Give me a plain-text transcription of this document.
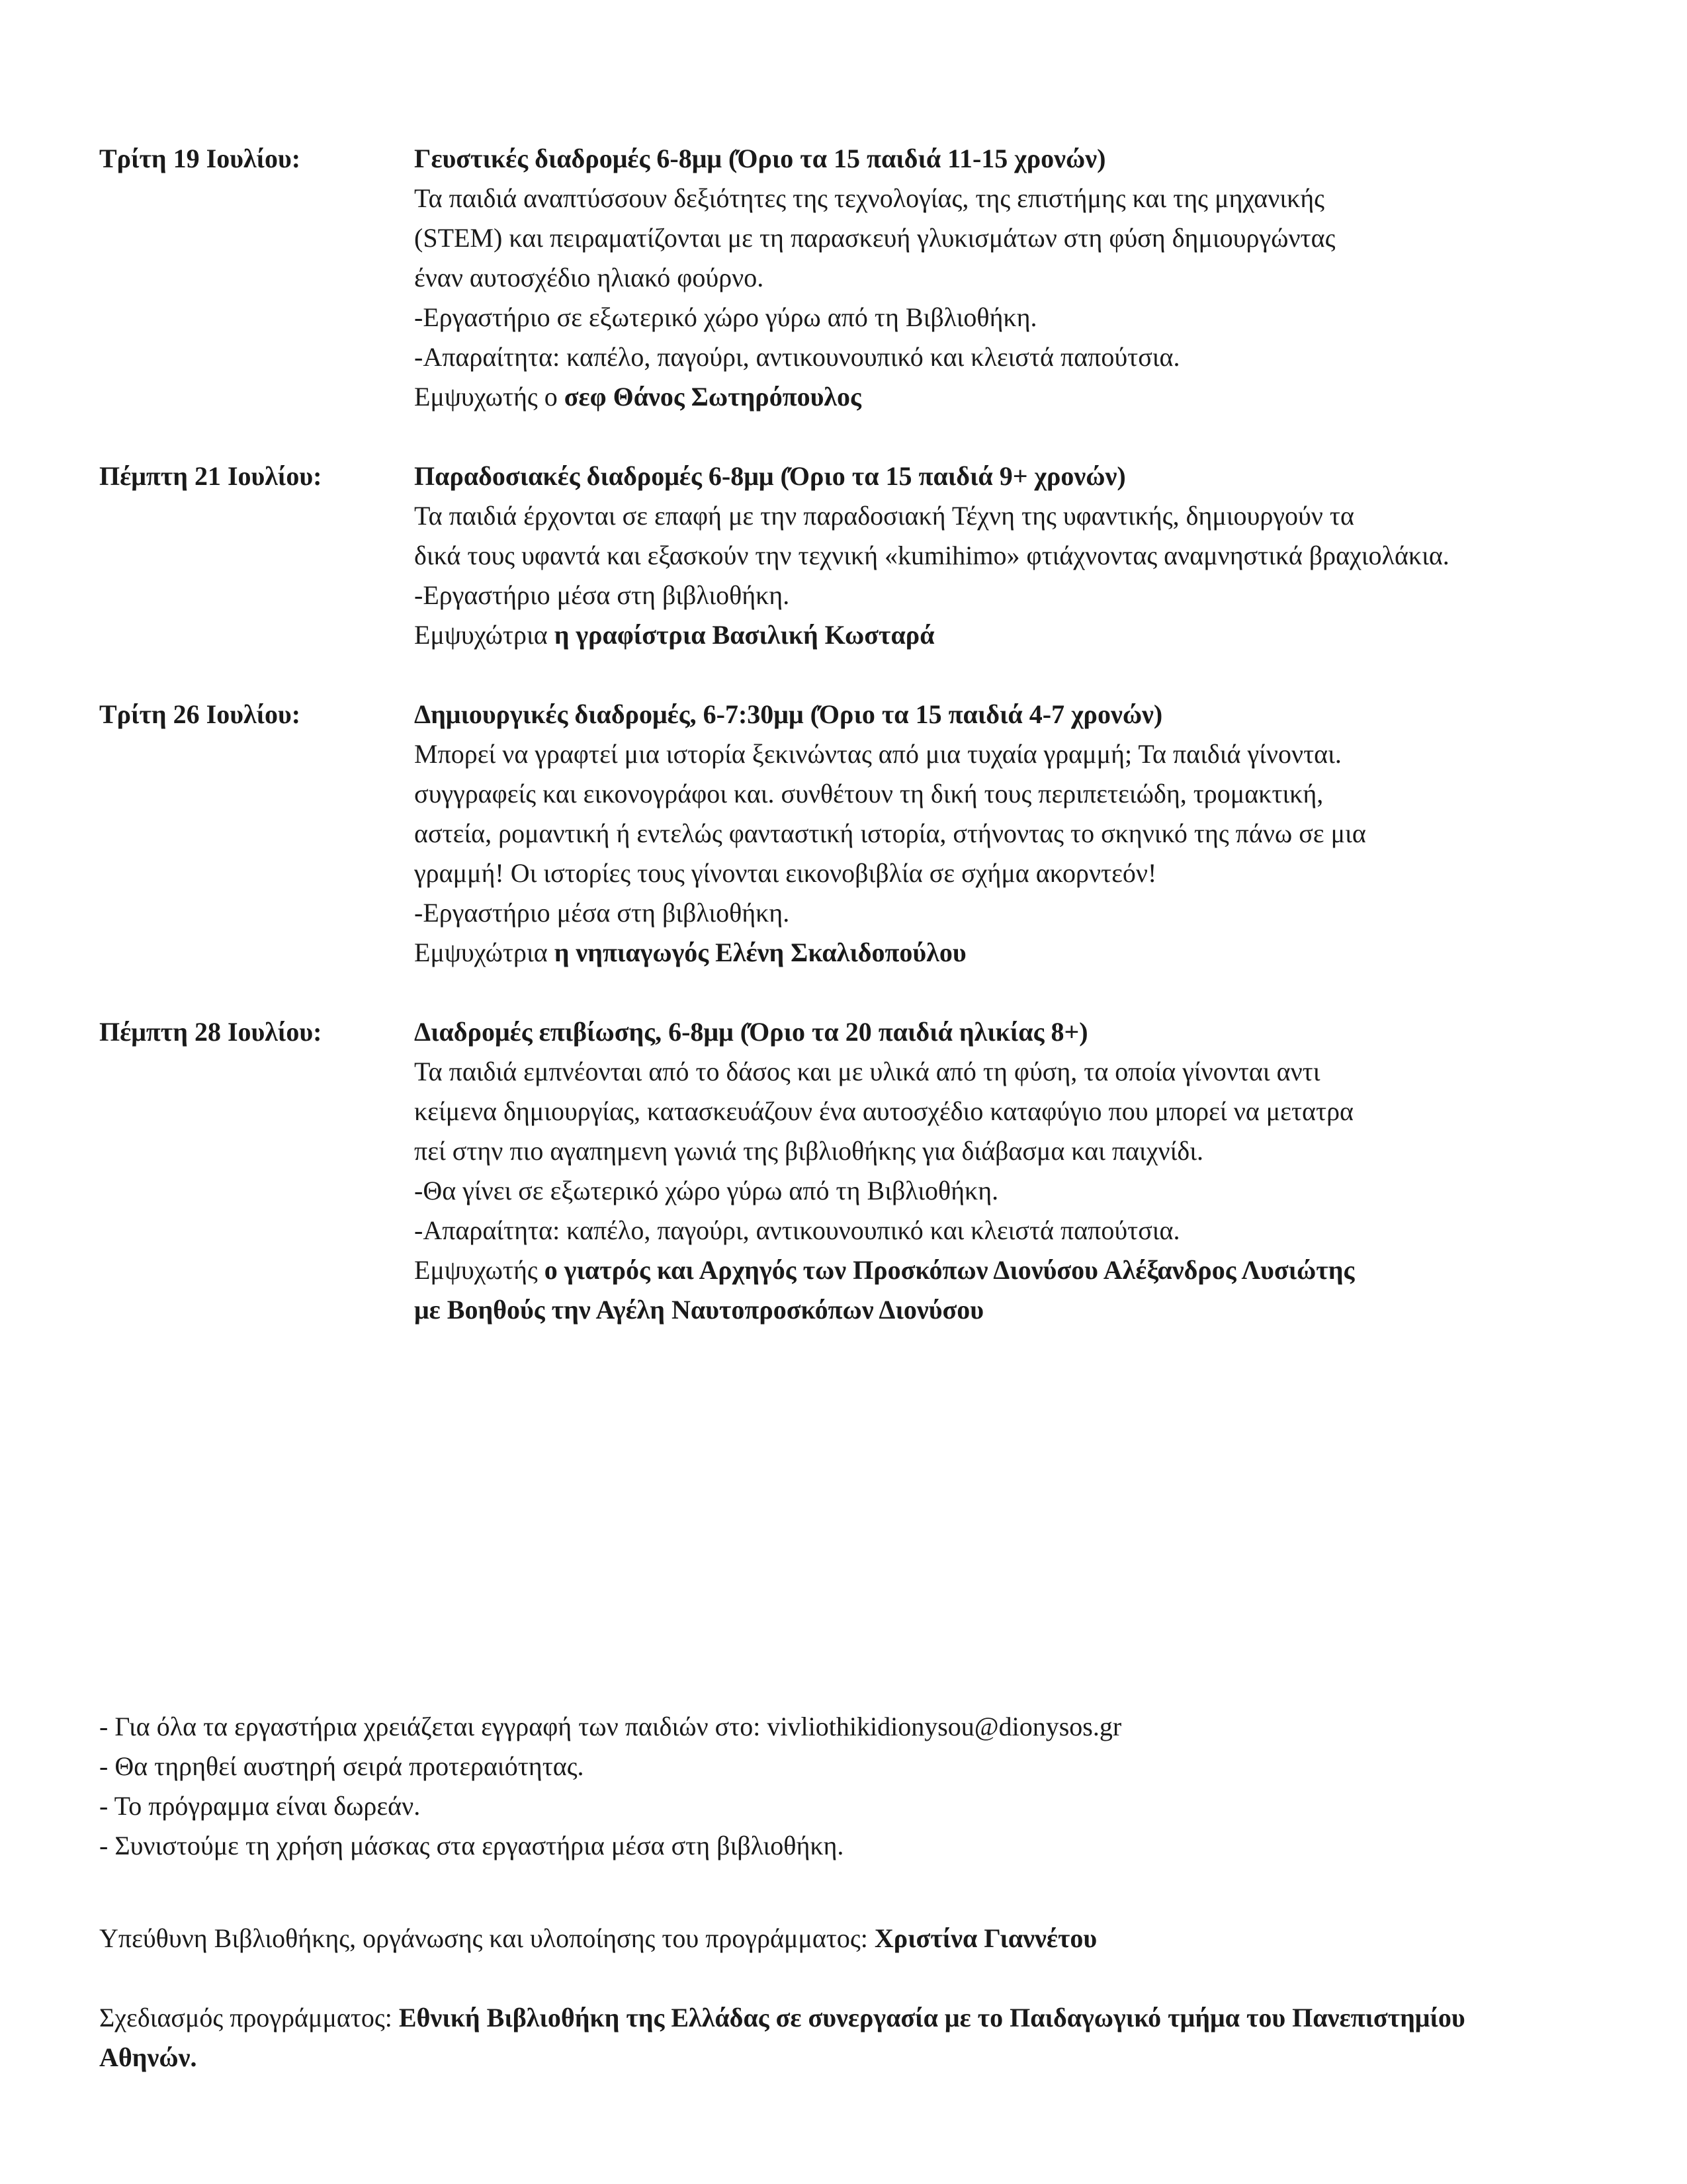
Τρίτη 19 Ιουλίου:	Γευστικές διαδρομές 6-8μμ (Όριο τα 15 παιδιά 11-15 χρονών)

Τα παιδιά αναπτύσσουν δεξιότητες της τεχνολογίας, της επιστήμης και της μηχανικής

(STEM) και πειραματίζονται με τη παρασκευή γλυκισμάτων στη φύση δημιουργώντας

έναν αυτοσχέδιο ηλιακό φούρνο.

-Εργαστήριο σε εξωτερικό χώρο γύρω από τη Βιβλιοθήκη.

-Απαραίτητα: καπέλο, παγούρι, αντικουνουπικό και κλειστά παπούτσια.

Εμψυχωτής ο σεφ Θάνος Σωτηρόπουλος

Πέμπτη 21 Ιουλίου:	Παραδοσιακές διαδρομές 6-8μμ (Όριο τα 15 παιδιά 9+ χρονών)

Τα παιδιά έρχονται σε επαφή με την παραδοσιακή Τέχνη της υφαντικής, δημιουργούν τα

δικά τους υφαντά και εξασκούν την τεχνική «kumihimo» φτιάχνοντας αναμνηστικά βραχιολάκια.

-Εργαστήριο μέσα στη βιβλιοθήκη.

Εμψυχώτρια η γραφίστρια Βασιλική Κωσταρά

Τρίτη 26 Ιουλίου:	Δημιουργικές διαδρομές, 6-7:30μμ (Όριο τα 15 παιδιά 4-7 χρονών)

Μπορεί να γραφτεί μια ιστορία ξεκινώντας από μια τυχαία γραμμή; Τα παιδιά γίνονται.

συγγραφείς και εικονογράφοι και. συνθέτουν τη δική τους περιπετειώδη, τρομακτική,

αστεία, ρομαντική ή εντελώς φανταστική ιστορία, στήνοντας το σκηνικό της πάνω σε μια

γραμμή! Οι ιστορίες τους γίνονται εικονοβιβλία σε σχήμα ακορντεόν!

-Εργαστήριο μέσα στη βιβλιοθήκη.

Εμψυχώτρια η νηπιαγωγός Ελένη Σκαλιδοπούλου

Πέμπτη 28 Ιουλίου:	Διαδρομές επιβίωσης, 6-8μμ (Όριο τα 20 παιδιά ηλικίας 8+)

Τα παιδιά εμπνέονται από το δάσος και με υλικά από τη φύση, τα οποία γίνονται αντι

κείμενα δημιουργίας, κατασκευάζουν ένα αυτοσχέδιο καταφύγιο που μπορεί να μετατρα

πεί στην πιο αγαπημενη γωνιά της βιβλιοθήκης για διάβασμα και παιχνίδι.

-Θα γίνει σε εξωτερικό χώρο γύρω από τη Βιβλιοθήκη.

-Απαραίτητα: καπέλο, παγούρι, αντικουνουπικό και κλειστά παπούτσια.

Εμψυχωτής ο γιατρός και Αρχηγός των Προσκόπων Διονύσου Αλέξανδρος Λυσιώτης

με Βοηθούς την Αγέλη Ναυτοπροσκόπων Διονύσου

- Για όλα τα εργαστήρια χρειάζεται εγγραφή των παιδιών στο: vivliothikidionysou@dionysos.gr

- Θα τηρηθεί αυστηρή σειρά προτεραιότητας.

- Το πρόγραμμα είναι δωρεάν.

- Συνιστούμε τη χρήση μάσκας στα εργαστήρια μέσα στη βιβλιοθήκη.

Υπεύθυνη Βιβλιοθήκης, οργάνωσης και υλοποίησης του προγράμματος: Χριστίνα Γιαννέτου
Σχεδιασμός προγράμματος: Εθνική Βιβλιοθήκη της Ελλάδας σε συνεργασία με το Παιδαγωγικό τμήμα του Πανεπιστημίου Αθηνών.
